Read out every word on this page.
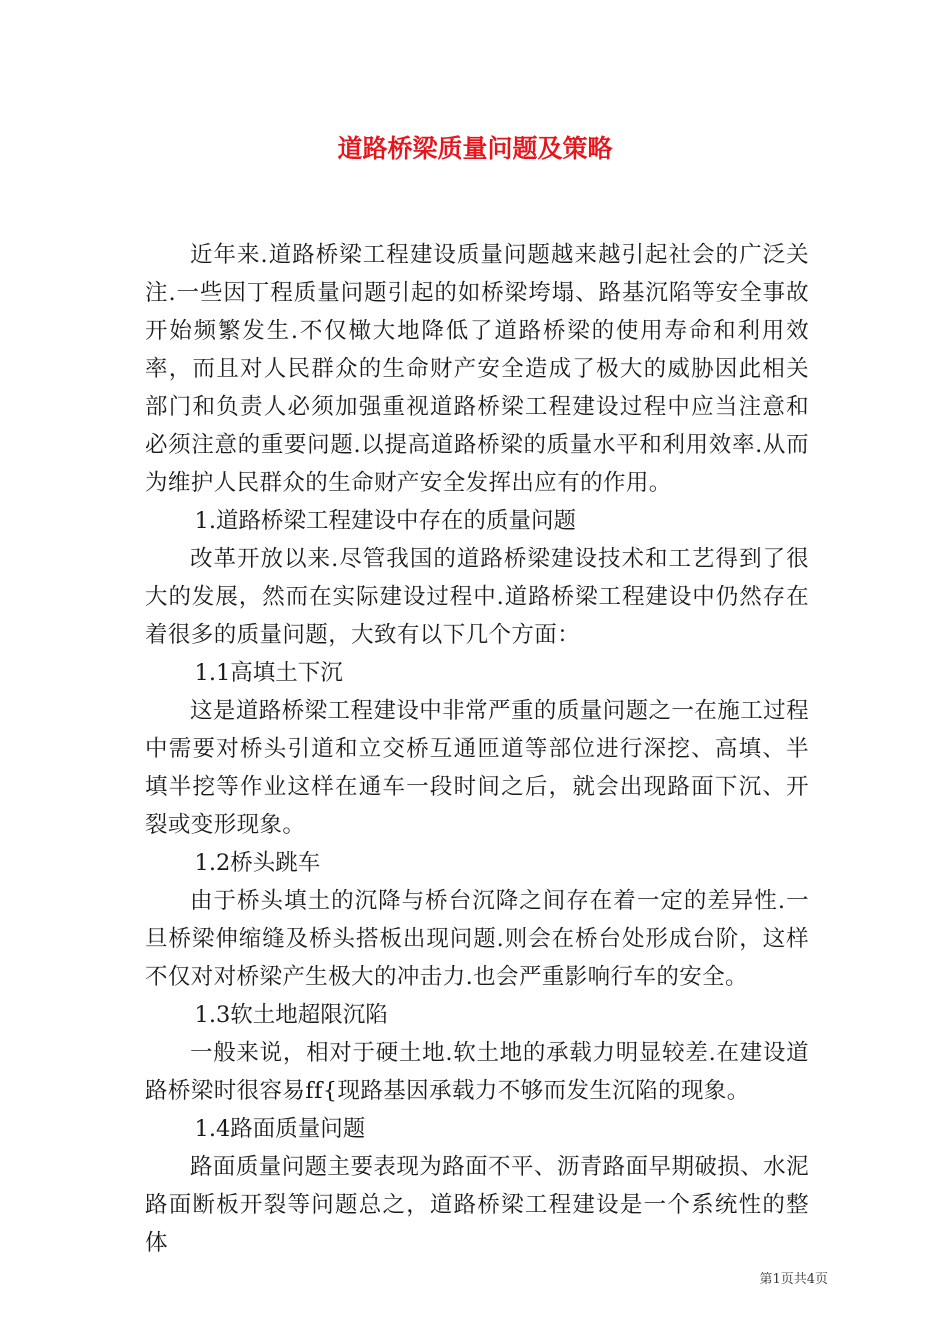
道路桥梁质量问题及策略

近年来.道路桥梁工程建设质量问题越来越引起社会的广泛关注.一些因丁程质量问题引起的如桥梁垮塌、路基沉陷等安全事故开始频繁发生.不仅橄大地降低了道路桥梁的使用寿命和利用效率，而且对人民群众的生命财产安全造成了极大的威胁因此相关部门和负责人必须加强重视道路桥梁工程建设过程中应当注意和必须注意的重要问题.以提高道路桥梁的质量水平和利用效率.从而为维护人民群众的生命财产安全发挥出应有的作用。

1.道路桥梁工程建设中存在的质量问题

改革开放以来.尽管我国的道路桥梁建设技术和工艺得到了很大的发展，然而在实际建设过程中.道路桥梁工程建设中仍然存在着很多的质量问题，大致有以下几个方面：

1.1高填土下沉

这是道路桥梁工程建设中非常严重的质量问题之一在施工过程中需要对桥头引道和立交桥互通匝道等部位进行深挖、高填、半填半挖等作业这样在通车一段时间之后，就会出现路面下沉、开裂或变形现象。

1.2桥头跳车

由于桥头填土的沉降与桥台沉降之间存在着一定的差异性.一旦桥梁伸缩缝及桥头搭板出现问题.则会在桥台处形成台阶，这样不仅对对桥梁产生极大的冲击力.也会严重影响行车的安全。

1.3软土地超限沉陷

一般来说，相对于硬土地.软土地的承载力明显较差.在建设道路桥梁时很容易ff{现路基因承载力不够而发生沉陷的现象。

1.4路面质量问题

路面质量问题主要表现为路面不平、沥青路面早期破损、水泥路面断板开裂等问题总之，道路桥梁工程建设是一个系统性的整体

第1页共4页
